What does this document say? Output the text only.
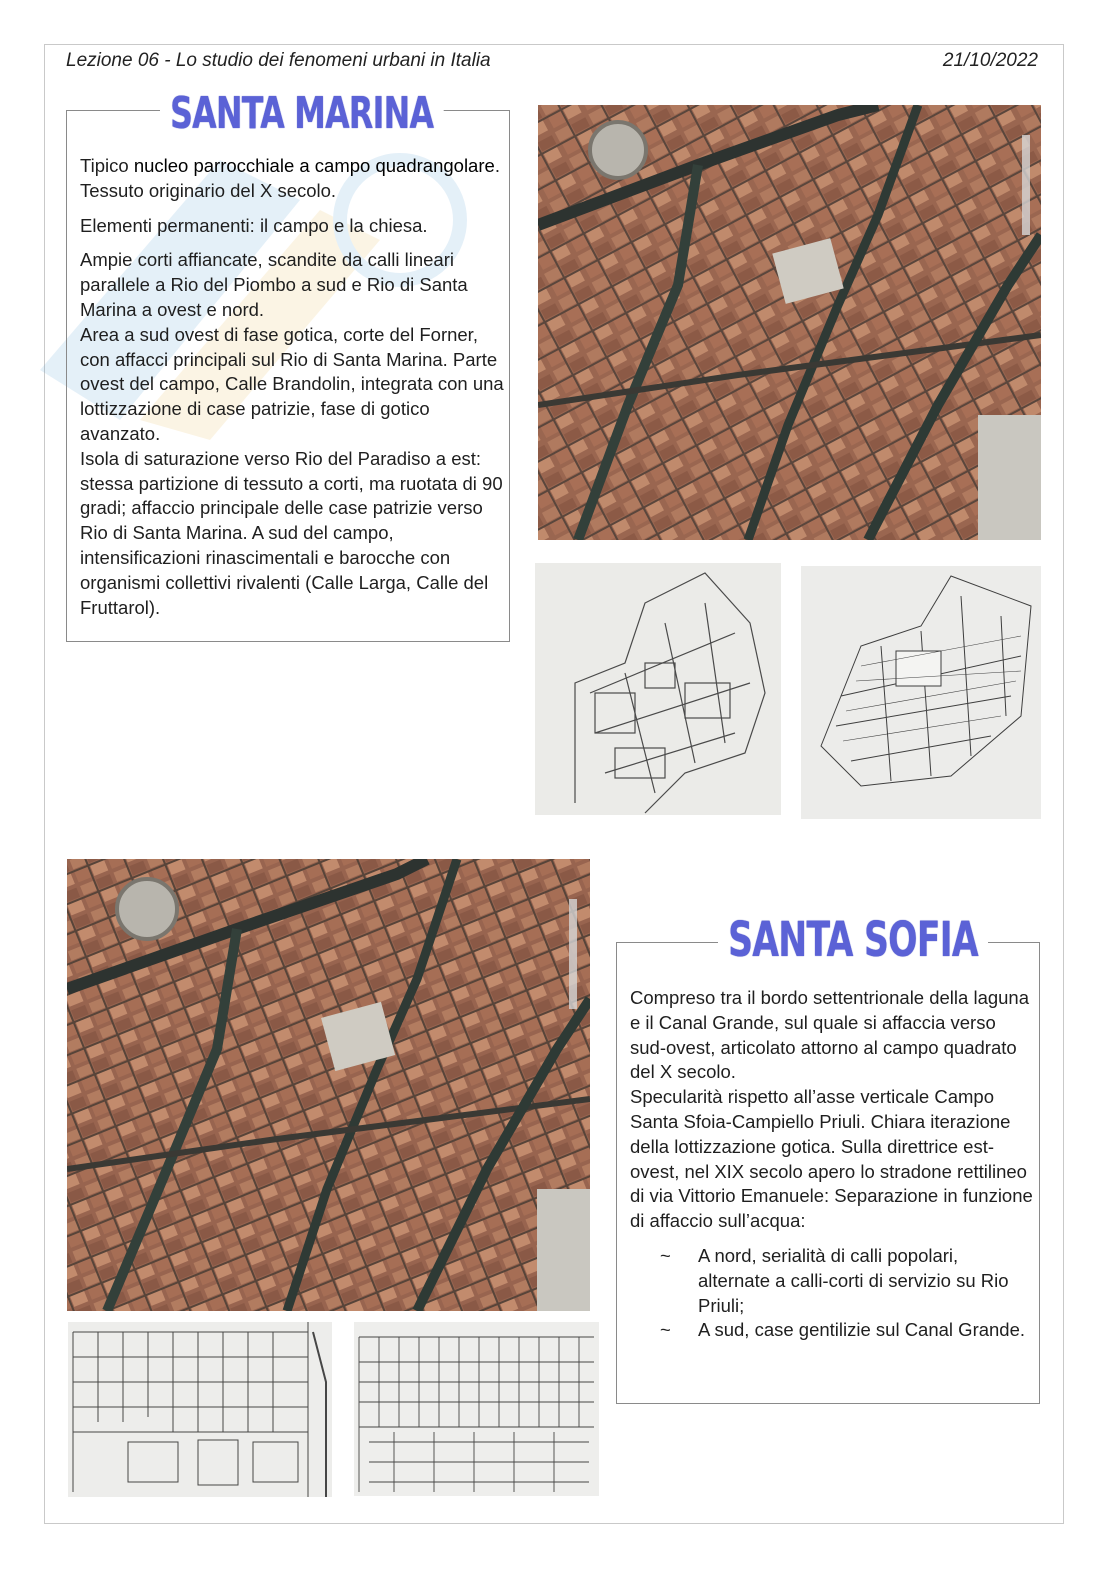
Lezione 06 - Lo studio dei fenomeni urbani in Italia	21/10/2022
SANTA MARINA

Tipico nucleo parrocchiale a campo quadrangolare. Tessuto originario del X secolo.

Elementi permanenti: il campo e la chiesa.

Ampie corti affiancate, scandite da calli lineari parallele a Rio del Piombo a sud e Rio di Santa Marina a ovest e nord.
Area a sud ovest di fase gotica, corte del Forner, con affacci principali sul Rio di Santa Marina. Parte ovest del campo, Calle Brandolin, integrata con una lottizzazione di case patrizie, fase di gotico avanzato.
Isola di saturazione verso Rio del Paradiso a est: stessa partizione di tessuto a corti, ma ruotata di 90 gradi; affaccio principale delle case patrizie verso Rio di Santa Marina. A sud del campo, intensificazioni rinascimentali e barocche con organismi collettivi rivalenti (Calle Larga, Calle del Fruttarol).
SANTA SOFIA
Compreso tra il bordo settentrionale della laguna e il Canal Grande, sul quale si affaccia verso sud-ovest, articolato attorno al campo quadrato del X secolo.
Specularità rispetto all’asse verticale Campo Santa Sfoia-Campiello Priuli. Chiara iterazione della lottizzazione gotica. Sulla direttrice est-ovest, nel XIX secolo apero lo stradone rettilineo di via Vittorio Emanuele: Separazione in funzione di affaccio sull’acqua:
~ A nord, serialità di calli popolari, alternate a calli-corti di servizio su Rio Priuli;
~ A sud, case gentilizie sul Canal Grande.
